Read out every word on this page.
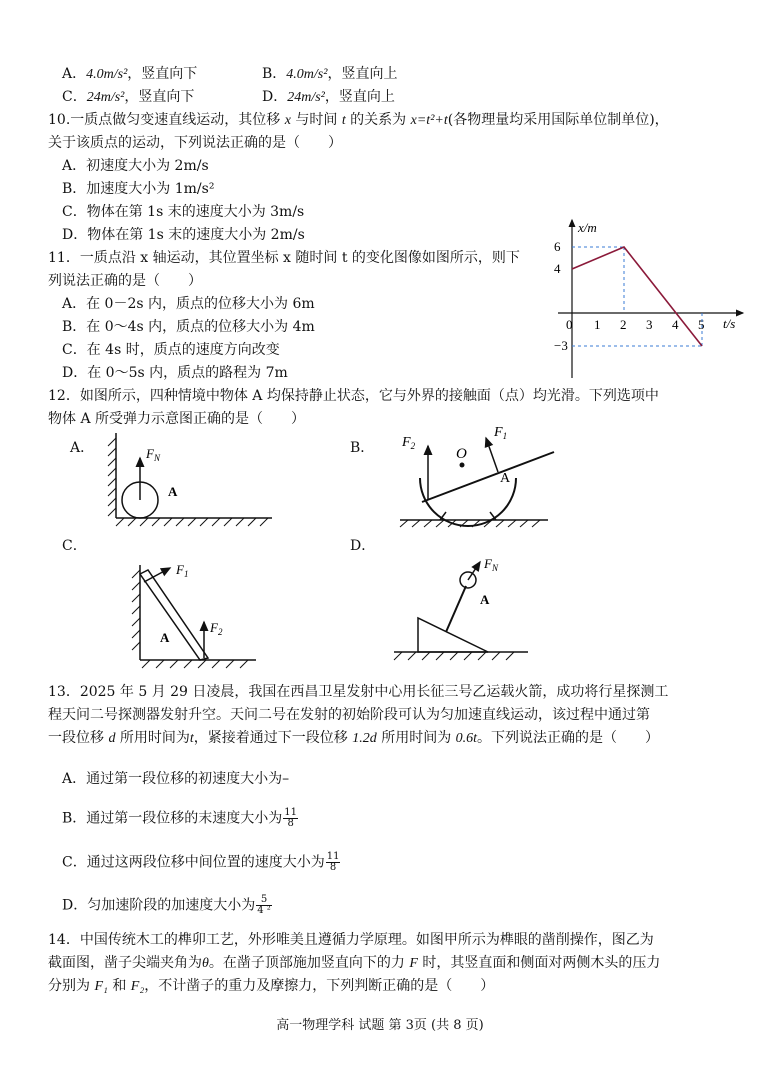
A．4.0m/s²，竖直向下	B．4.0m/s²，竖直向上
C．24m/s²，竖直向下	D．24m/s²，竖直向上
10.一质点做匀变速直线运动，其位移 x 与时间 t 的关系为 x=t²+t(各物理量均采用国际单位制单位)，
关于该质点的运动，下列说法正确的是（　　）
A．初速度大小为 2m/s
B．加速度大小为 1m/s²
C．物体在第 1s 末的速度大小为 3m/s
D．物体在第 1s 末的速度大小为 2m/s
11．一质点沿 x 轴运动，其位置坐标 x 随时间 t 的变化图像如图所示，则下
列说法正确的是（　　）
A．在 0－2s 内，质点的位移大小为 6m
B．在 0～4s 内，质点的位移大小为 4m
C．在 4s 时，质点的速度方向改变
D．在 0～5s 内，质点的路程为 7m
x/m
t/s
0 1 2 3 4 5
6
4
−3
12．如图所示，四种情境中物体 A 均保持静止状态，它与外界的接触面（点）均光滑。下列选项中
物体 A 所受弹力示意图正确的是（　　）
A．	$F_N$
A
B．	O
$F_2$
$F_1$
A
C．
$F_1$
$F_2$
A
D．
$F_N$
A
13．2025 年 5 月 29 日凌晨，我国在西昌卫星发射中心用长征三号乙运载火箭，成功将行星探测工
程天问二号探测器发射升空。天问二号在发射的初始阶段可认为匀加速直线运动，该过程中通过第
一段位移 d 所用时间为t，紧接着通过下一段位移 1.2d 所用时间为 0.6t。下列说法正确的是（　　）
A．通过第一段位移的初速度大小为–
B．通过第一段位移的末速度大小为 $\frac{11}{8}$
C．通过这两段位移中间位置的速度大小为 $\frac{11}{8}$
D．匀加速阶段的加速度大小为 $\frac{5}{\text{4 ²}}$
14．中国传统木工的榫卯工艺，外形唯美且遵循力学原理。如图甲所示为榫眼的凿削操作，图乙为
截面图，凿子尖端夹角为θ。在凿子顶部施加竖直向下的力 F 时，其竖直面和侧面对两侧木头的压力
分别为 F₁ 和 F₂，不计凿子的重力及摩擦力，下列判断正确的是（　　）
高一物理学科 试题 第 3页 (共 8 页)
